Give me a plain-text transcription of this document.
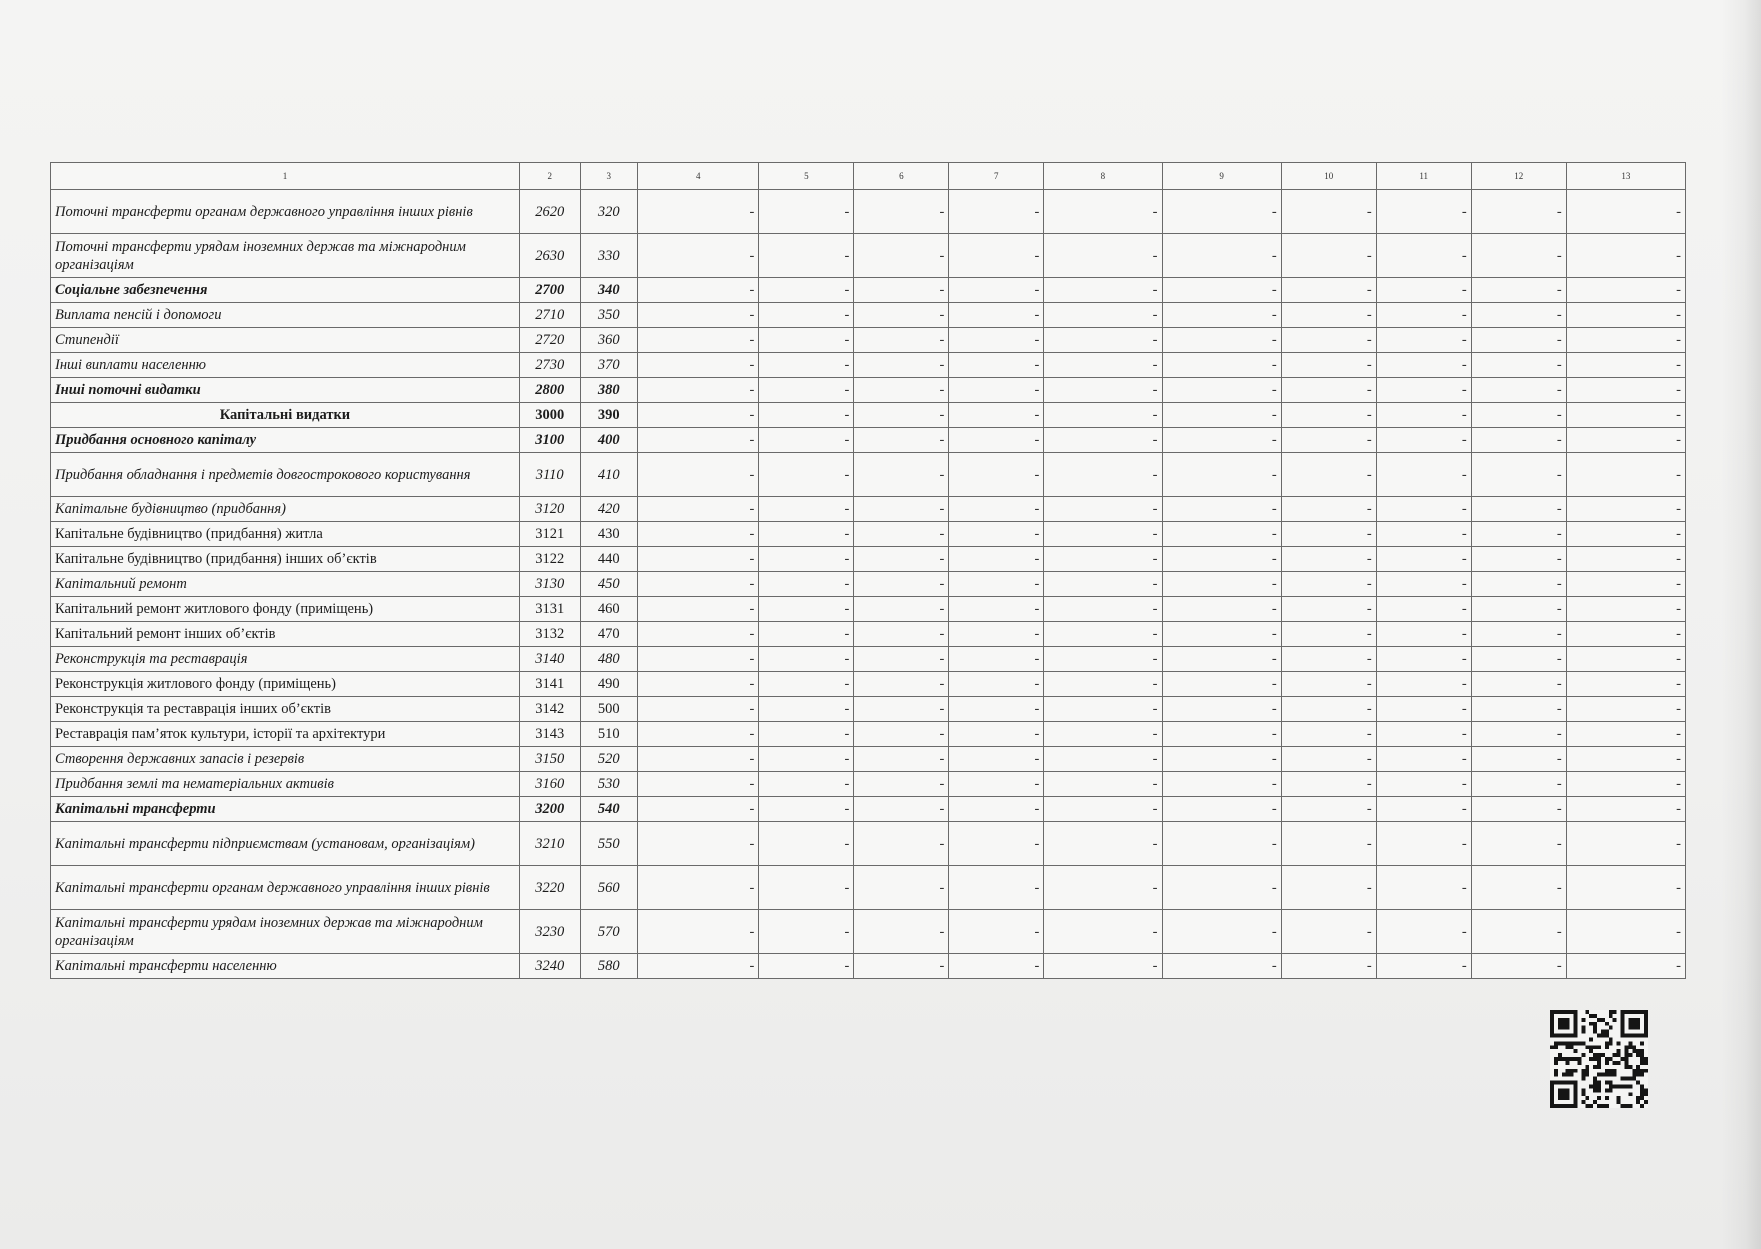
1	2	3	4	5	6	7	8	9	10	11	12	13
Поточні трансферти органам державного управління інших рівнів	2620	320	-	-	-	-	-	-	-	-	-	-
Поточні трансферти урядам іноземних держав та міжнародним організаціям	2630	330	-	-	-	-	-	-	-	-	-	-
Соціальне забезпечення	2700	340	-	-	-	-	-	-	-	-	-	-
Виплата пенсій і допомоги	2710	350	-	-	-	-	-	-	-	-	-	-
Стипендії	2720	360	-	-	-	-	-	-	-	-	-	-
Інші виплати населенню	2730	370	-	-	-	-	-	-	-	-	-	-
Інші поточні видатки	2800	380	-	-	-	-	-	-	-	-	-	-
Капітальні видатки	3000	390	-	-	-	-	-	-	-	-	-	-
Придбання основного капіталу	3100	400	-	-	-	-	-	-	-	-	-	-
Придбання обладнання і предметів довгострокового користування	3110	410	-	-	-	-	-	-	-	-	-	-
Капітальне будівництво (придбання)	3120	420	-	-	-	-	-	-	-	-	-	-
Капітальне будівництво (придбання) житла	3121	430	-	-	-	-	-	-	-	-	-	-
Капітальне будівництво (придбання) інших об’єктів	3122	440	-	-	-	-	-	-	-	-	-	-
Капітальний ремонт	3130	450	-	-	-	-	-	-	-	-	-	-
Капітальний ремонт житлового фонду (приміщень)	3131	460	-	-	-	-	-	-	-	-	-	-
Капітальний ремонт інших об’єктів	3132	470	-	-	-	-	-	-	-	-	-	-
Реконструкція та реставрація	3140	480	-	-	-	-	-	-	-	-	-	-
Реконструкція житлового фонду (приміщень)	3141	490	-	-	-	-	-	-	-	-	-	-
Реконструкція та реставрація інших об’єктів	3142	500	-	-	-	-	-	-	-	-	-	-
Реставрація пам’яток культури, історії та архітектури	3143	510	-	-	-	-	-	-	-	-	-	-
Створення державних запасів і резервів	3150	520	-	-	-	-	-	-	-	-	-	-
Придбання землі та нематеріальних активів	3160	530	-	-	-	-	-	-	-	-	-	-
Капітальні трансферти	3200	540	-	-	-	-	-	-	-	-	-	-
Капітальні трансферти підприємствам (установам, організаціям)	3210	550	-	-	-	-	-	-	-	-	-	-
Капітальні трансферти органам державного управління інших рівнів	3220	560	-	-	-	-	-	-	-	-	-	-
Капітальні трансферти урядам іноземних держав та міжнародним організаціям	3230	570	-	-	-	-	-	-	-	-	-	-
Капітальні трансферти населенню	3240	580	-	-	-	-	-	-	-	-	-	-
